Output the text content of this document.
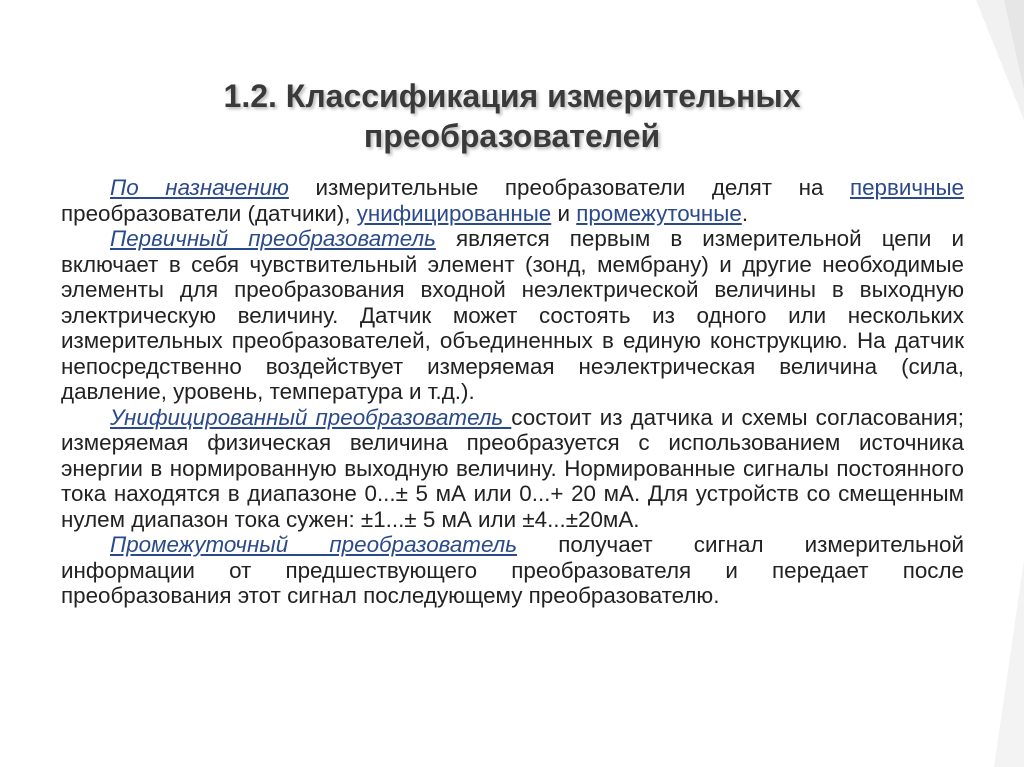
1.2. Классификация измерительных
преобразователей

По назначению измерительные преобразователи делят на первичные преобразователи (датчики), унифицированные и промежуточные.

Первичный преобразователь является первым в измерительной цепи и включает в себя чувствительный элемент (зонд, мембрану) и другие необходимые элементы для преобразования входной неэлектрической величины в выходную электрическую величину. Датчик может состоять из одного или нескольких измерительных преобразователей, объединенных в единую конструкцию. На датчик непосредственно воздействует измеряемая неэлектрическая величина (сила, давление, уровень, температура и т.д.).

Унифицированный преобразователь состоит из датчика и схемы согласования; измеряемая физическая величина преобразуется с использованием источника энергии в нормированную выходную величину. Нормированные сигналы постоянного тока находятся в диапазоне 0...± 5 мА или 0...+ 20 мА. Для устройств со смещенным нулем диапазон тока сужен: ±1...± 5 мА или ±4...±20мА.

Промежуточный преобразователь получает сигнал измерительной информации от предшествующего преобразователя и передает после преобразования этот сигнал последующему преобразователю.
